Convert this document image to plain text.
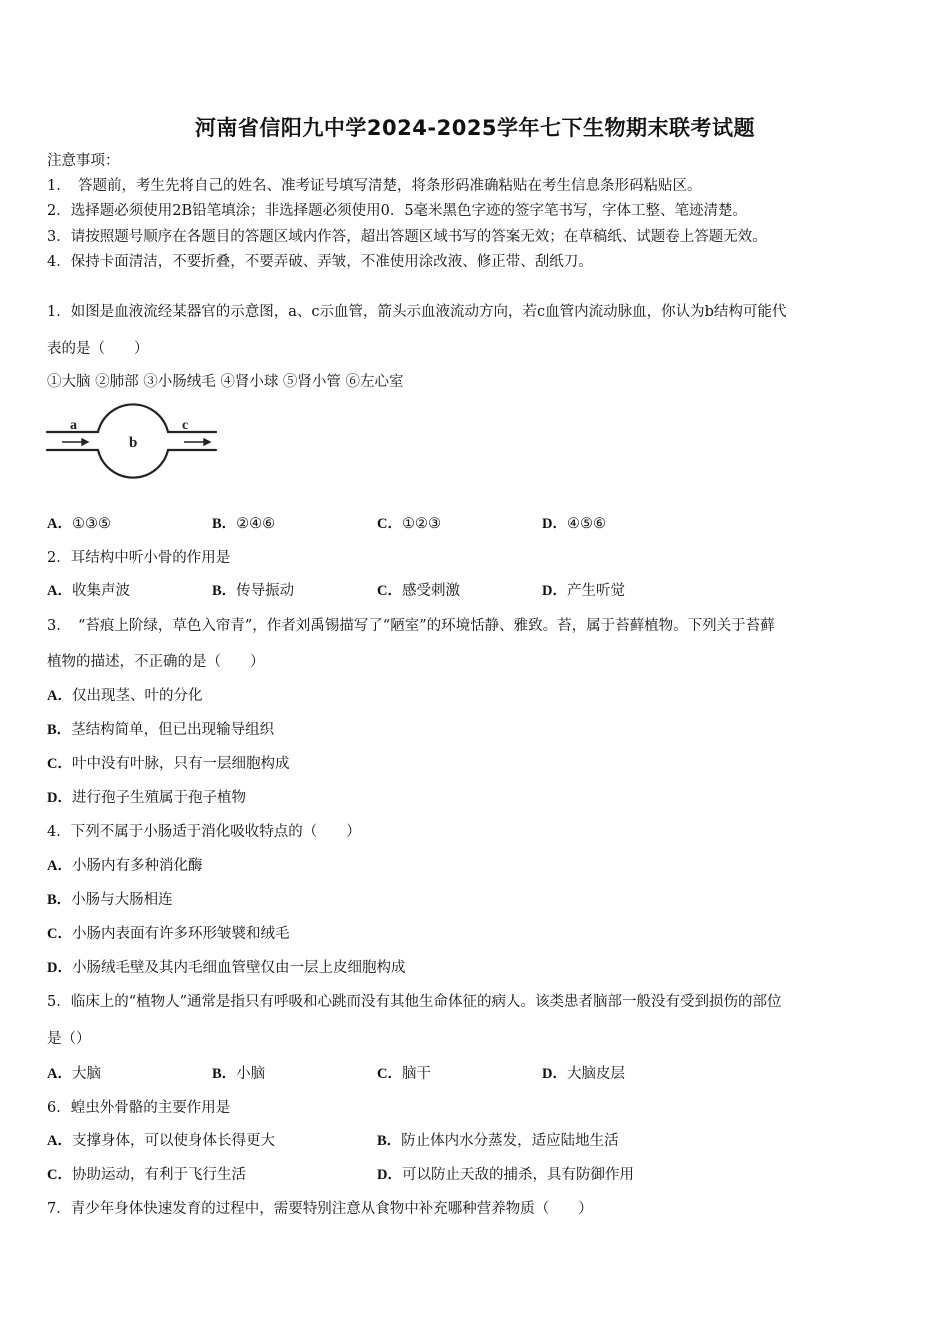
河南省信阳九中学2024-2025学年七下生物期末联考试题
注意事项：
1．　答题前，考生先将自己的姓名、准考证号填写清楚，将条形码准确粘贴在考生信息条形码粘贴区。
2．选择题必须使用2B铅笔填涂；非选择题必须使用0．5毫米黑色字迹的签字笔书写，字体工整、笔迹清楚。
3．请按照题号顺序在各题目的答题区域内作答，超出答题区域书写的答案无效；在草稿纸、试题卷上答题无效。
4．保持卡面清洁，不要折叠，不要弄破、弄皱，不准使用涂改液、修正带、刮纸刀。
1．如图是血液流经某器官的示意图，a、c示血管，箭头示血液流动方向，若c血管内流动脉血，你认为b结构可能代
表的是（　　）
①大脑 ②肺部 ③小肠绒毛 ④肾小球 ⑤肾小管 ⑥左心室
a
b
c
A．①③⑤	B．②④⑥	C．①②③	D．④⑤⑥
2．耳结构中听小骨的作用是
A．收集声波	B．传导振动	C．感受刺激	D．产生听觉
3．　“苔痕上阶绿，草色入帘青”，作者刘禹锡描写了“陋室”的环境恬静、雅致。苔，属于苔藓植物。下列关于苔藓
植物的描述，不正确的是（　　）
A．仅出现茎、叶的分化
B．茎结构简单，但已出现输导组织
C．叶中没有叶脉，只有一层细胞构成
D．进行孢子生殖属于孢子植物
4．下列不属于小肠适于消化吸收特点的（　　）
A．小肠内有多种消化酶
B．小肠与大肠相连
C．小肠内表面有许多环形皱襞和绒毛
D．小肠绒毛壁及其内毛细血管壁仅由一层上皮细胞构成
5．临床上的“植物人”通常是指只有呼吸和心跳而没有其他生命体征的病人。该类患者脑部一般没有受到损伤的部位
是（）
A．大脑	B．小脑	C．脑干	D．大脑皮层
6．蝗虫外骨骼的主要作用是
A．支撑身体，可以使身体长得更大	B．防止体内水分蒸发，适应陆地生活
C．协助运动，有利于飞行生活	D．可以防止天敌的捕杀，具有防御作用
7．青少年身体快速发育的过程中，需要特别注意从食物中补充哪种营养物质（　　）
